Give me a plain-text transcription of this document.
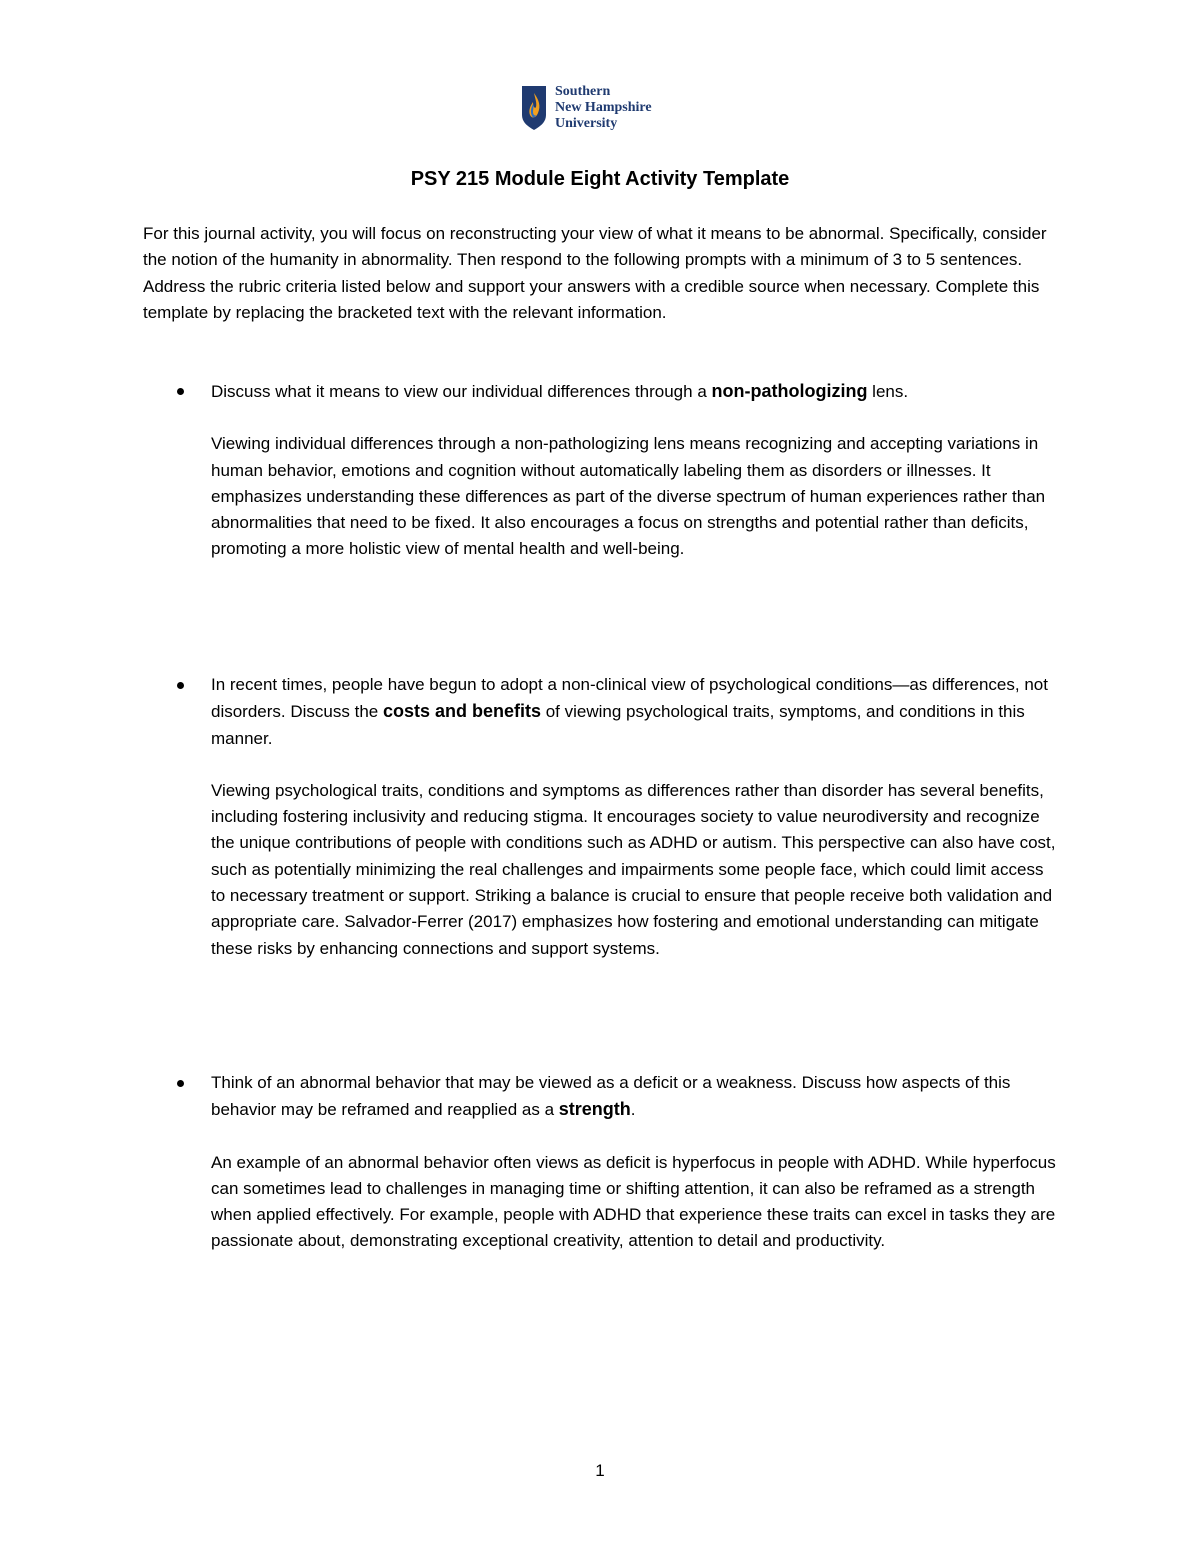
Southern
New Hampshire
University
PSY 215 Module Eight Activity Template
For this journal activity, you will focus on reconstructing your view of what it means to be abnormal. Specifically, consider the notion of the humanity in abnormality. Then respond to the following prompts with a minimum of 3 to 5 sentences. Address the rubric criteria listed below and support your answers with a credible source when necessary. Complete this template by replacing the bracketed text with the relevant information.
Discuss what it means to view our individual differences through a non-pathologizing lens.
Viewing individual differences through a non-pathologizing lens means recognizing and accepting variations in human behavior, emotions and cognition without automatically labeling them as disorders or illnesses. It emphasizes understanding these differences as part of the diverse spectrum of human experiences rather than abnormalities that need to be fixed. It also encourages a focus on strengths and potential rather than deficits, promoting a more holistic view of mental health and well-being.
In recent times, people have begun to adopt a non-clinical view of psychological conditions—as differences, not disorders. Discuss the costs and benefits of viewing psychological traits, symptoms, and conditions in this manner.
Viewing psychological traits, conditions and symptoms as differences rather than disorder has several benefits, including fostering inclusivity and reducing stigma. It encourages society to value neurodiversity and recognize the unique contributions of people with conditions such as ADHD or autism. This perspective can also have cost, such as potentially minimizing the real challenges and impairments some people face, which could limit access to necessary treatment or support. Striking a balance is crucial to ensure that people receive both validation and appropriate care. Salvador-Ferrer (2017) emphasizes how fostering and emotional understanding can mitigate these risks by enhancing connections and support systems.
Think of an abnormal behavior that may be viewed as a deficit or a weakness. Discuss how aspects of this behavior may be reframed and reapplied as a strength.
An example of an abnormal behavior often views as deficit is hyperfocus in people with ADHD. While hyperfocus can sometimes lead to challenges in managing time or shifting attention, it can also be reframed as a strength when applied effectively. For example, people with ADHD that experience these traits can excel in tasks they are passionate about, demonstrating exceptional creativity, attention to detail and productivity.
1
